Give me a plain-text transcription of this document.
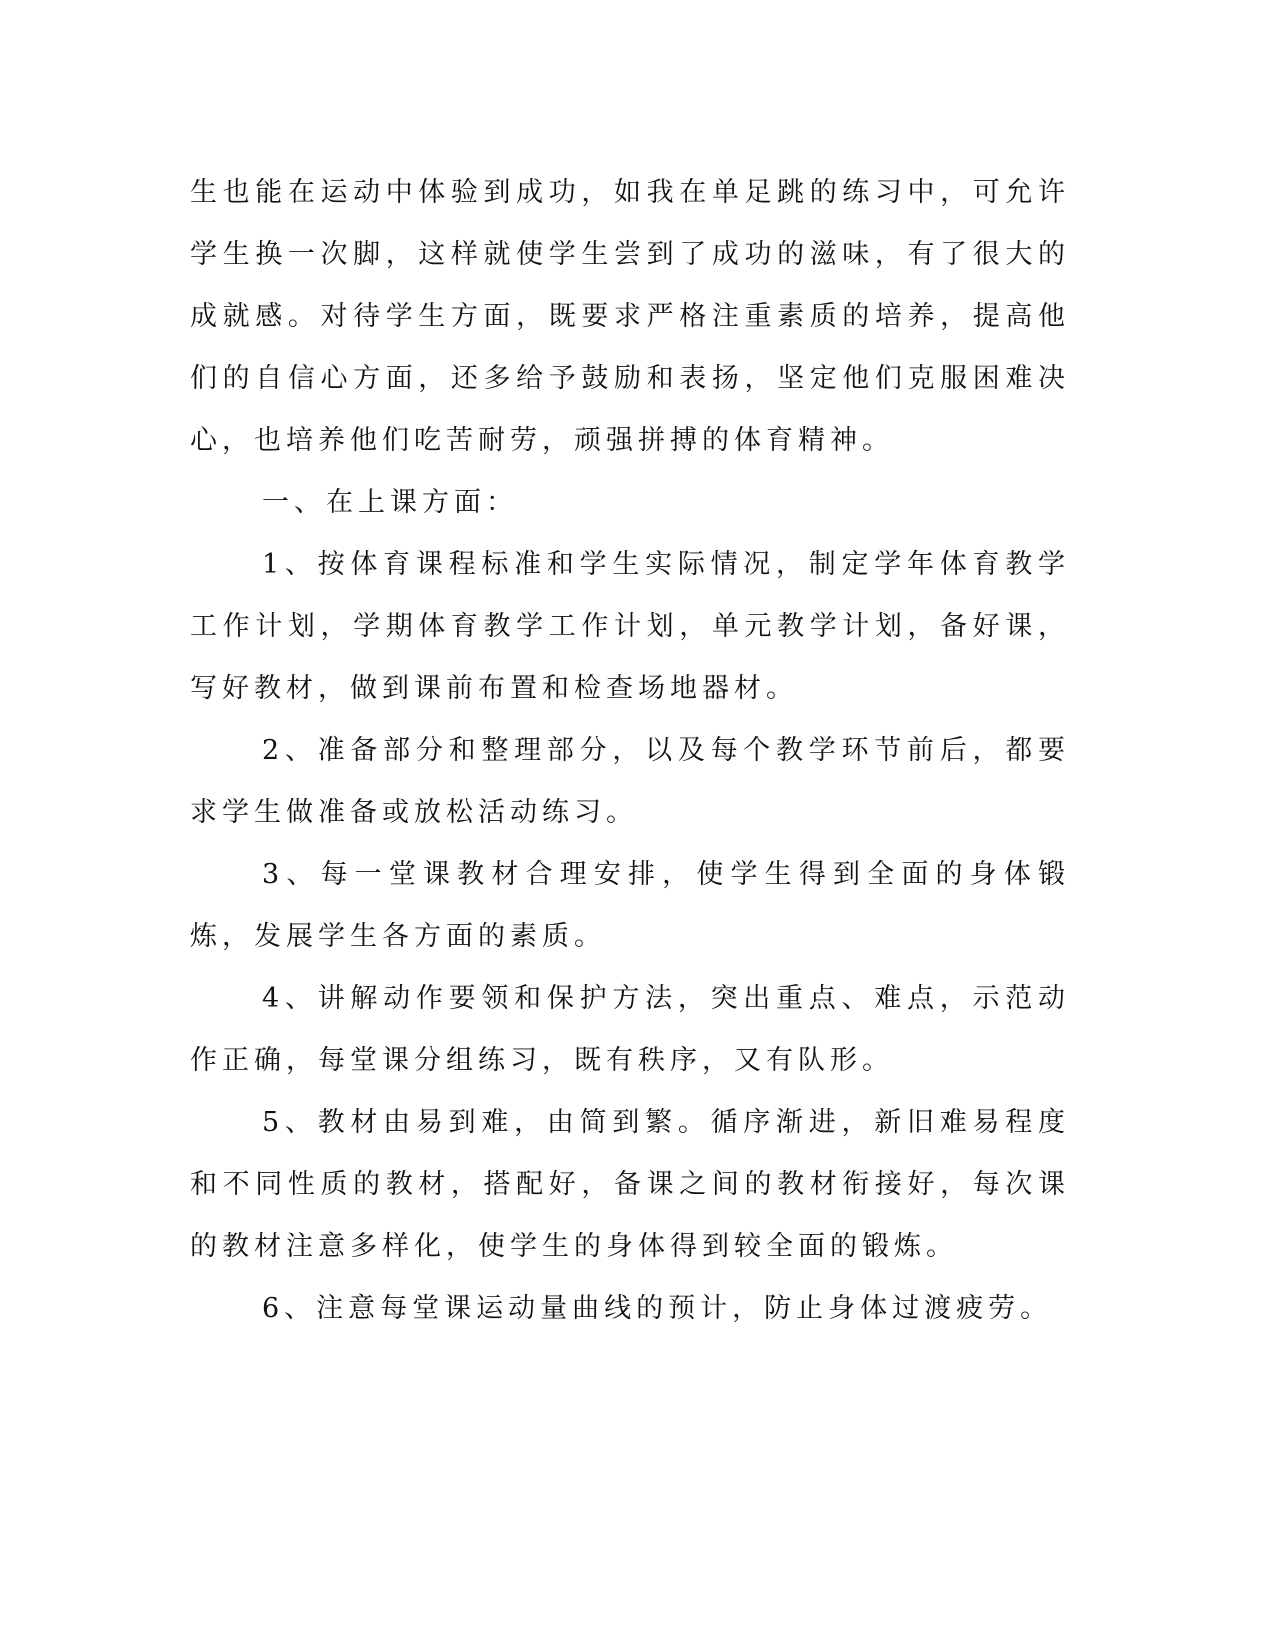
生也能在运动中体验到成功，如我在单足跳的练习中，可允许学生换一次脚，这样就使学生尝到了成功的滋味，有了很大的成就感。对待学生方面，既要求严格注重素质的培养，提高他们的自信心方面，还多给予鼓励和表扬，坚定他们克服困难决心，也培养他们吃苦耐劳，顽强拼搏的体育精神。

一、在上课方面：

1、按体育课程标准和学生实际情况，制定学年体育教学工作计划，学期体育教学工作计划，单元教学计划，备好课，写好教材，做到课前布置和检查场地器材。

2、准备部分和整理部分，以及每个教学环节前后，都要求学生做准备或放松活动练习。

3、每一堂课教材合理安排，使学生得到全面的身体锻炼，发展学生各方面的素质。

4、讲解动作要领和保护方法，突出重点、难点，示范动作正确，每堂课分组练习，既有秩序，又有队形。

5、教材由易到难，由简到繁。循序渐进，新旧难易程度和不同性质的教材，搭配好，备课之间的教材衔接好，每次课的教材注意多样化，使学生的身体得到较全面的锻炼。

6、注意每堂课运动量曲线的预计，防止身体过渡疲劳。
